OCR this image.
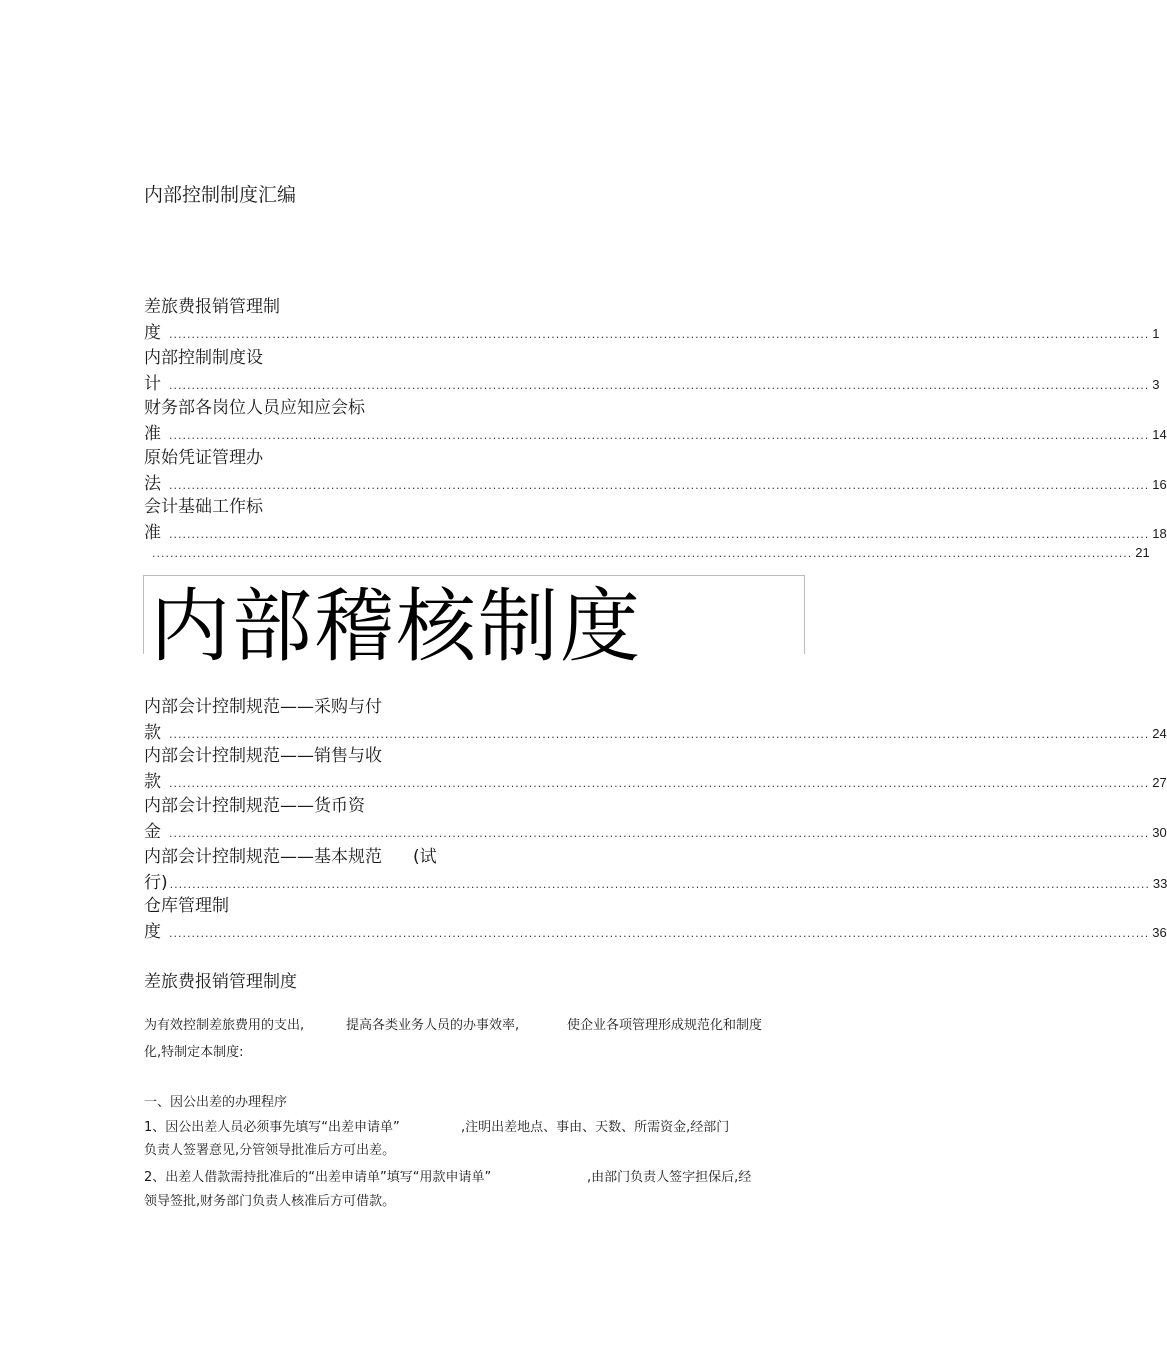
内部控制制度汇编
差旅费报销管理制
度 .......................................................................................................................................................................................................................... 1
内部控制制度设
计 .......................................................................................................................................................................................................................... 3
财务部各岗位人员应知应会标
准 .......................................................................................................................................................................................................................... 14
原始凭证管理办
法 .......................................................................................................................................................................................................................... 16
会计基础工作标
准 .......................................................................................................................................................................................................................... 18
.......................................................................................................................................................................................................................... 21
内部稽核制度
内部会计控制规范——采购与付
款 .......................................................................................................................................................................................................................... 24
内部会计控制规范——销售与收
款 .......................................................................................................................................................................................................................... 27
内部会计控制规范——货币资
金 .......................................................................................................................................................................................................................... 30
内部会计控制规范——基本规范 (试
行) .......................................................................................................................................................................................................................... 33
仓库管理制
度 .......................................................................................................................................................................................................................... 36
差旅费报销管理制度
为有效控制差旅费用的支出,	提高各类业务人员的办事效率,	使企业各项管理形成规范化和制度
化,特制定本制度:
一、因公出差的办理程序
1、因公出差人员必须事先填写“出差申请单”	,注明出差地点、事由、天数、所需资金,经部门
负责人签署意见,分管领导批准后方可出差。
2、出差人借款需持批准后的“出差申请单”填写“用款申请单”	,由部门负责人签字担保后,经
领导签批,财务部门负责人核准后方可借款。
